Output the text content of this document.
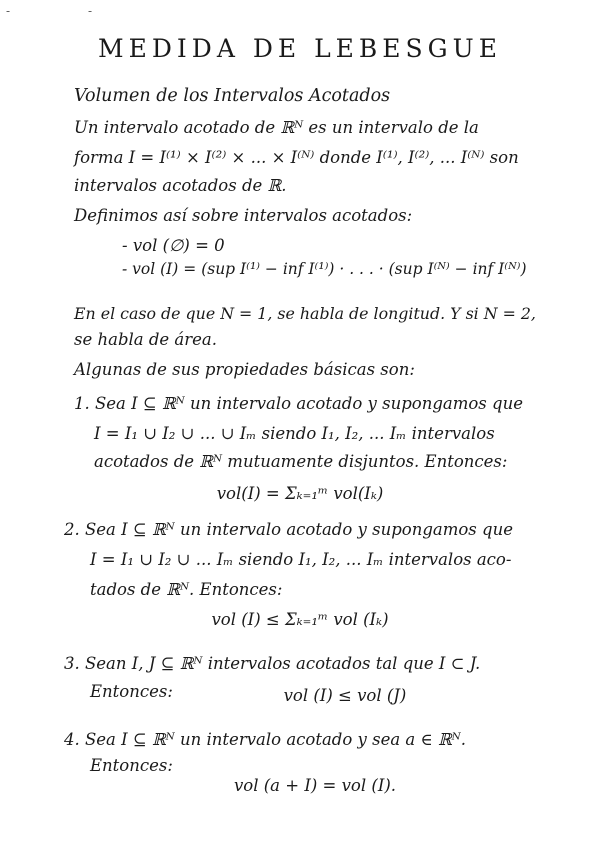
-	-
MEDIDA DE LEBESGUE
Volumen de los Intervalos Acotados
Un intervalo acotado de ℝᴺ es un intervalo de la
forma I = I⁽¹⁾ × I⁽²⁾ × ... × I⁽ᴺ⁾ donde I⁽¹⁾, I⁽²⁾, ... I⁽ᴺ⁾ son
intervalos acotados de ℝ.
Definimos así sobre intervalos acotados:
- vol (∅) = 0
- vol (I) = (sup I⁽¹⁾ − inf I⁽¹⁾) · . . . · (sup I⁽ᴺ⁾ − inf I⁽ᴺ⁾)
En el caso de que N = 1, se habla de longitud. Y si N = 2,
se habla de área.
Algunas de sus propiedades básicas son:
1. Sea I ⊆ ℝᴺ un intervalo acotado y supongamos que
I = I₁ ∪ I₂ ∪ ... ∪ Iₘ siendo I₁, I₂, ... Iₘ intervalos
acotados de ℝᴺ mutuamente disjuntos. Entonces:
vol(I) = Σₖ₌₁ᵐ vol(Iₖ)
2. Sea I ⊆ ℝᴺ un intervalo acotado y supongamos que
I = I₁ ∪ I₂ ∪ ... Iₘ siendo I₁, I₂, ... Iₘ intervalos aco-
tados de ℝᴺ. Entonces:
vol (I) ≤ Σₖ₌₁ᵐ vol (Iₖ)
3. Sean I, J ⊆ ℝᴺ intervalos acotados tal que I ⊂ J.
Entonces:	vol (I) ≤ vol (J)
4. Sea I ⊆ ℝᴺ un intervalo acotado y sea a ∈ ℝᴺ.
Entonces:
vol (a + I) = vol (I).
